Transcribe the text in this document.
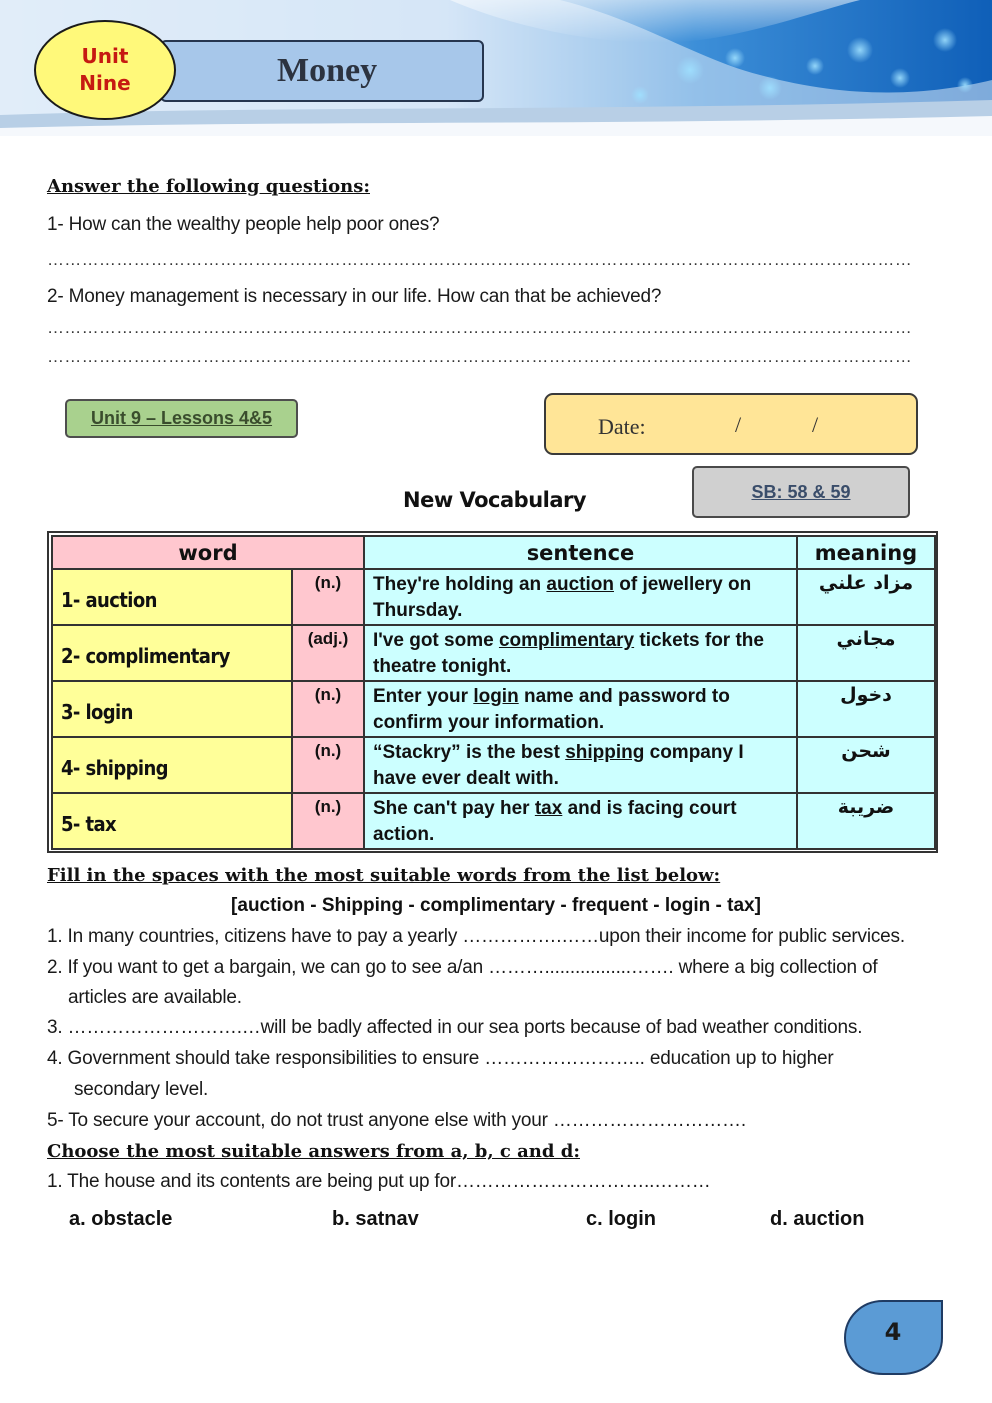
Money
Unit
Nine
Answer the following questions:
1- How can the wealthy people help poor ones?
……………………………………………………………………………………………………………………………………
2- Money management is necessary in our life. How can that be achieved?
……………………………………………………………………………………………………………………………………
……………………………………………………………………………………………………………………………………
Unit 9 – Lessons 4&5	Date:	/	/
SB: 58 & 59
New Vocabulary
word		sentence	meaning
1- auction	(n.)	They're holding an auction of jewellery on Thursday.	مزاد علني
2- complimentary	(adj.)	I've got some complimentary tickets for the theatre tonight.	مجاني
3- login	(n.)	Enter your login name and password to confirm your information.	دخول
4- shipping	(n.)	“Stackry” is the best shipping company I have ever dealt with.	شحن
5- tax	(n.)	She can't pay her tax and is facing court action.	ضريبة
Fill in the spaces with the most suitable words from the list below:
[auction - Shipping - complimentary - frequent - login - tax]
1. In many countries, citizens have to pay a yearly …………….……upon their income for public services.
2. If you want to get a bargain, we can go to see a/an ……….................……. where a big collection of
articles are available.
3. ……………………….…will be badly affected in our sea ports because of bad weather conditions.
4. Government should take responsibilities to ensure …………………….. education up to higher
secondary level.
5- To secure your account, do not trust anyone else with your ………………………….
Choose the most suitable answers from a, b, c and d:
1. The house and its contents are being put up for…………………………..………
a. obstacle	b. satnav	c. login	d. auction
4
